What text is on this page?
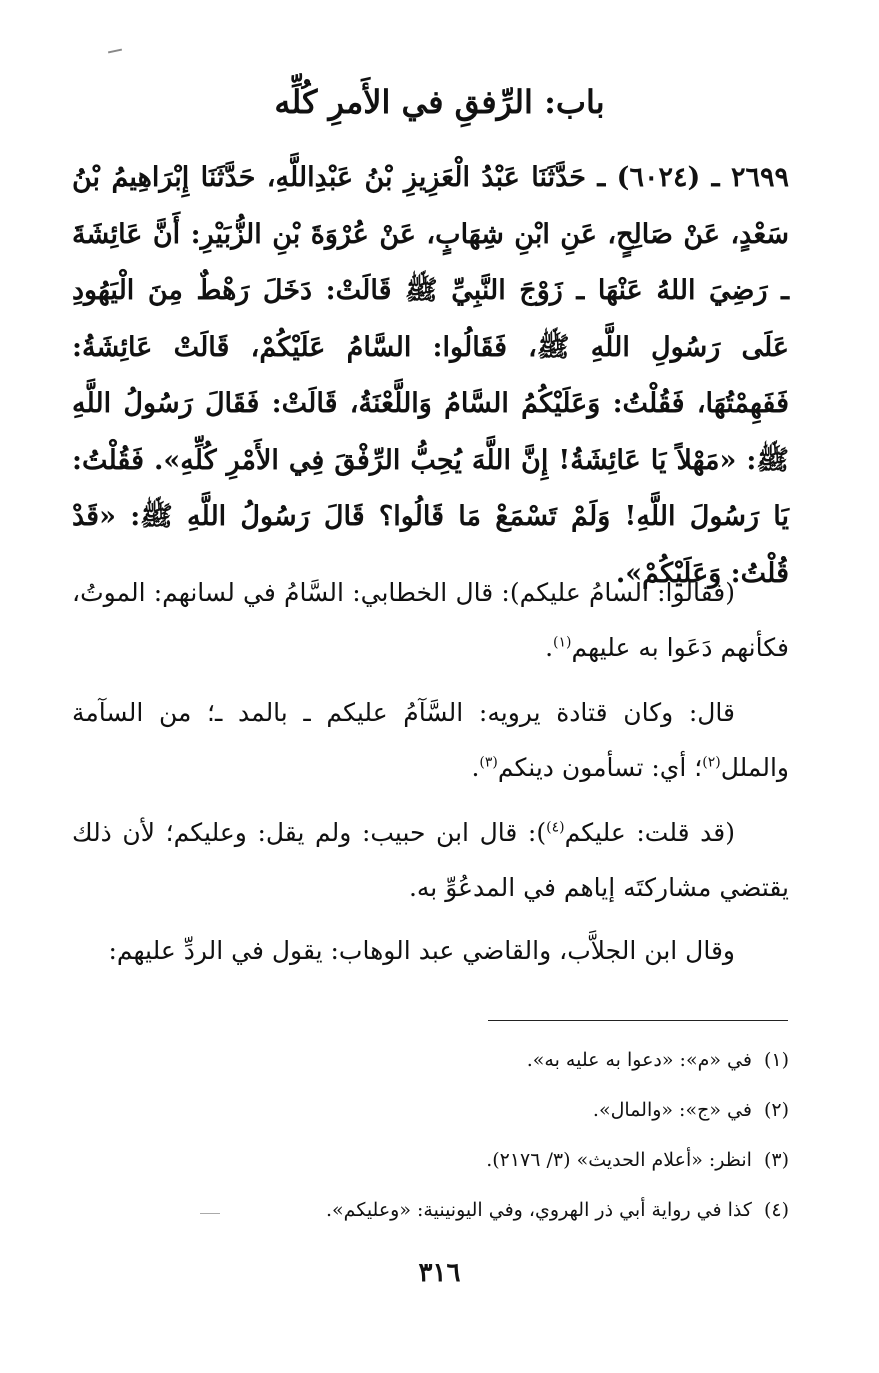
باب: الرِّفقِ في الأَمرِ كُلِّه

٢٦٩٩ ـ (٦٠٢٤) ـ حَدَّثَنَا عَبْدُ الْعَزِيزِ بْنُ عَبْدِاللَّهِ، حَدَّثَنَا إِبْرَاهِيمُ بْنُ سَعْدٍ، عَنْ صَالِحٍ، عَنِ ابْنِ شِهَابٍ، عَنْ عُرْوَةَ بْنِ الزُّبَيْرِ: أَنَّ عَائِشَةَ ـ رَضِيَ اللهُ عَنْهَا ـ زَوْجَ النَّبِيِّ ﷺ قَالَتْ: دَخَلَ رَهْطٌ مِنَ الْيَهُودِ عَلَى رَسُولِ اللَّهِ ﷺ، فَقَالُوا: السَّامُ عَلَيْكُمْ، قَالَتْ عَائِشَةُ: فَفَهِمْتُهَا، فَقُلْتُ: وَعَلَيْكُمُ السَّامُ وَاللَّعْنَةُ، قَالَتْ: فَقَالَ رَسُولُ اللَّهِ ﷺ: «مَهْلاً يَا عَائِشَةُ! إِنَّ اللَّهَ يُحِبُّ الرِّفْقَ فِي الأَمْرِ كُلِّهِ». فَقُلْتُ: يَا رَسُولَ اللَّهِ! وَلَمْ تَسْمَعْ مَا قَالُوا؟ قَالَ رَسُولُ اللَّهِ ﷺ: «قَدْ قُلْتُ: وَعَلَيْكُمْ».

(فقالوا: السامُ عليكم): قال الخطابي: السَّامُ في لسانهم: الموتُ، فكأنهم دَعَوا به عليهم$^{(١)}$.

قال: وكان قتادة يرويه: السَّآمُ عليكم ـ بالمد ـ؛ من السآمة والملل$^{(٢)}$؛ أي: تسأمون دينكم$^{(٣)}$.

(قد قلت: عليكم$^{(٤)}$): قال ابن حبيب: ولم يقل: وعليكم؛ لأن ذلك يقتضي مشاركتَه إياهم في المدعُوِّ به.

وقال ابن الجلاَّب، والقاضي عبد الوهاب: يقول في الردِّ عليهم:

(١)في «م»: «دعوا به عليه به».
(٢)في «ج»: «والمال».
(٣)انظر: «أعلام الحديث» (٣/ ٢١٧٦).
(٤)كذا في رواية أبي ذر الهروي، وفي اليونينية: «وعليكم».
٣١٦
